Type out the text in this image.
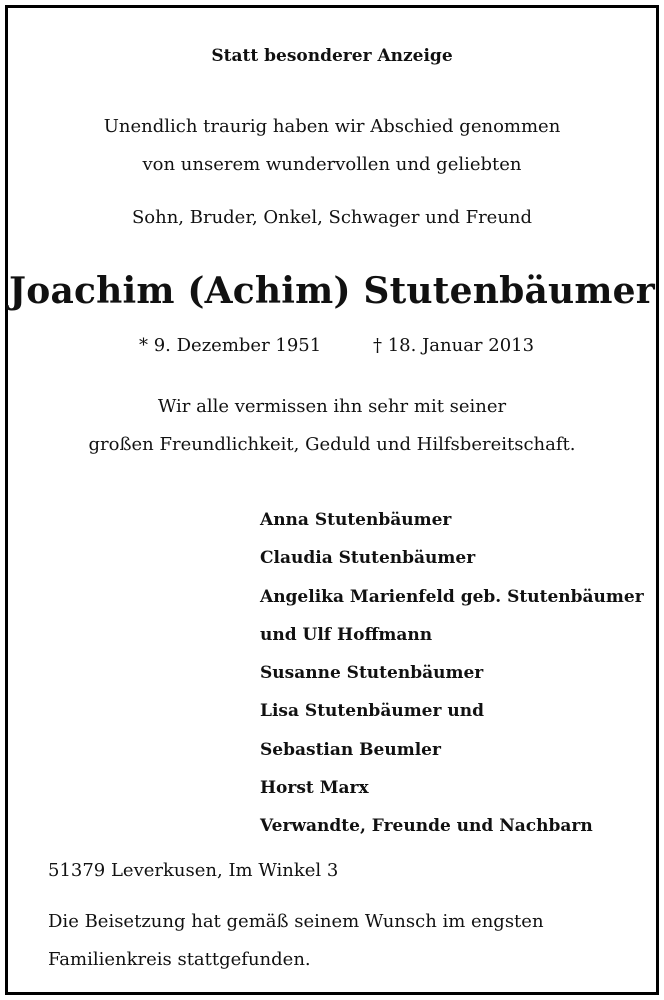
Statt besonderer Anzeige
Unendlich traurig haben wir Abschied genommen
von unserem wundervollen und geliebten
Sohn, Bruder, Onkel, Schwager und Freund
Joachim (Achim) Stutenbäumer
* 9. Dezember 1951	† 18. Januar 2013
Wir alle vermissen ihn sehr mit seiner
großen Freundlichkeit, Geduld und Hilfsbereitschaft.
Anna Stutenbäumer
Claudia Stutenbäumer
Angelika Marienfeld geb. Stutenbäumer
und Ulf Hoffmann
Susanne Stutenbäumer
Lisa Stutenbäumer und
Sebastian Beumler
Horst Marx
Verwandte, Freunde und Nachbarn
51379 Leverkusen, Im Winkel 3

Die Beisetzung hat gemäß seinem Wunsch im engsten Familienkreis stattgefunden.
